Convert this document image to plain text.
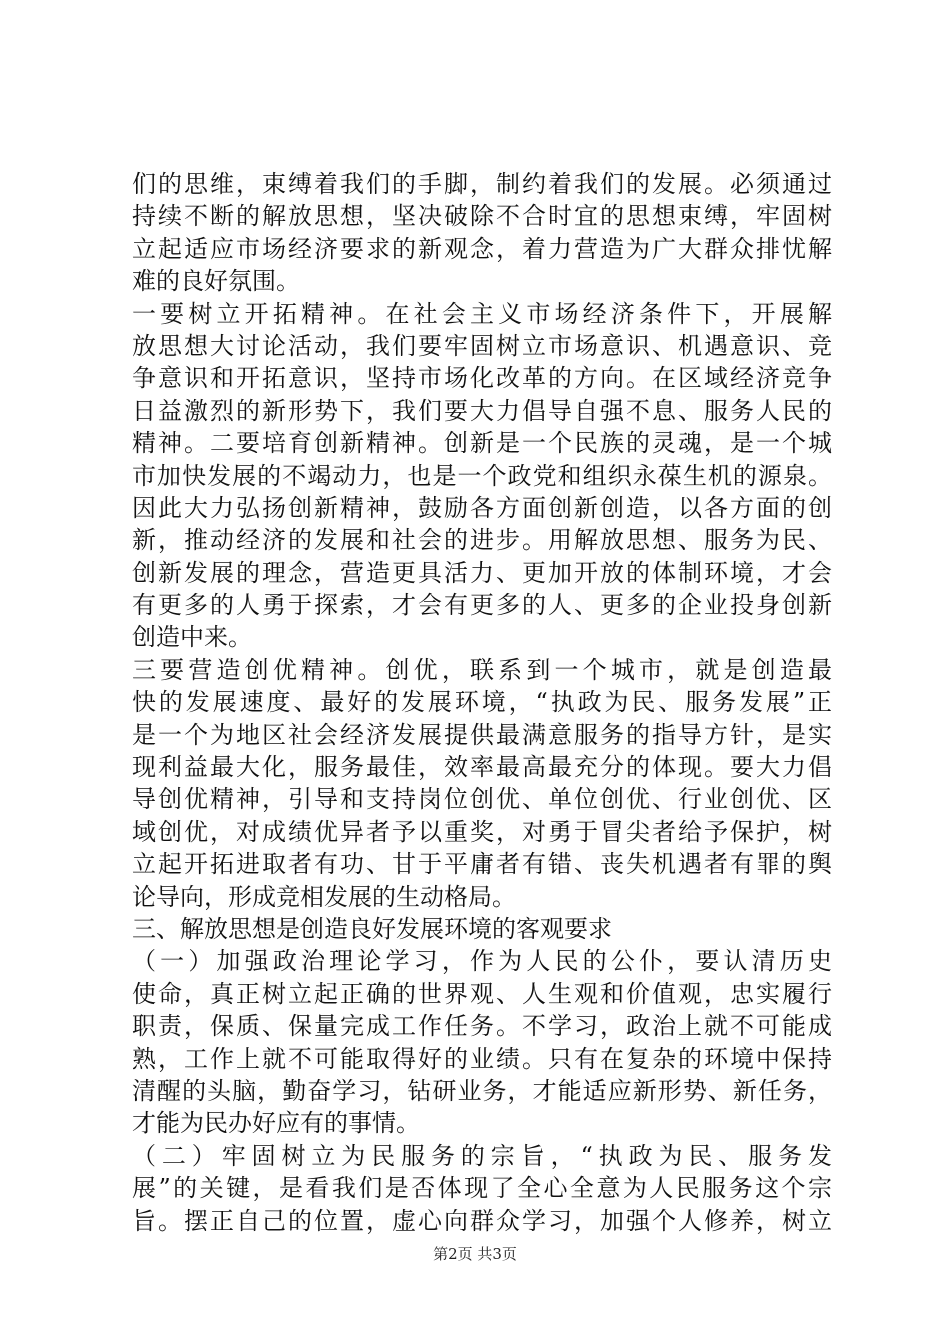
们的思维，束缚着我们的手脚，制约着我们的发展。必须通过
持续不断的解放思想，坚决破除不合时宜的思想束缚，牢固树
立起适应市场经济要求的新观念，着力营造为广大群众排忧解
难的良好氛围。
一要树立开拓精神。在社会主义市场经济条件下，开展解
放思想大讨论活动，我们要牢固树立市场意识、机遇意识、竞
争意识和开拓意识，坚持市场化改革的方向。在区域经济竞争
日益激烈的新形势下，我们要大力倡导自强不息、服务人民的
精神。二要培育创新精神。创新是一个民族的灵魂，是一个城
市加快发展的不竭动力，也是一个政党和组织永葆生机的源泉。
因此大力弘扬创新精神，鼓励各方面创新创造，以各方面的创
新，推动经济的发展和社会的进步。用解放思想、服务为民、
创新发展的理念，营造更具活力、更加开放的体制环境，才会
有更多的人勇于探索，才会有更多的人、更多的企业投身创新
创造中来。
三要营造创优精神。创优，联系到一个城市，就是创造最
快的发展速度、最好的发展环境，“执政为民、服务发展”正
是一个为地区社会经济发展提供最满意服务的指导方针，是实
现利益最大化，服务最佳，效率最高最充分的体现。要大力倡
导创优精神，引导和支持岗位创优、单位创优、行业创优、区
域创优，对成绩优异者予以重奖，对勇于冒尖者给予保护，树
立起开拓进取者有功、甘于平庸者有错、丧失机遇者有罪的舆
论导向，形成竞相发展的生动格局。
三、解放思想是创造良好发展环境的客观要求
（一）加强政治理论学习，作为人民的公仆，要认清历史
使命，真正树立起正确的世界观、人生观和价值观，忠实履行
职责，保质、保量完成工作任务。不学习，政治上就不可能成
熟，工作上就不可能取得好的业绩。只有在复杂的环境中保持
清醒的头脑，勤奋学习，钻研业务，才能适应新形势、新任务，
才能为民办好应有的事情。
（二）牢固树立为民服务的宗旨，“执政为民、服务发
展”的关键，是看我们是否体现了全心全意为人民服务这个宗
旨。摆正自己的位置，虚心向群众学习，加强个人修养，树立
第2页 共3页
